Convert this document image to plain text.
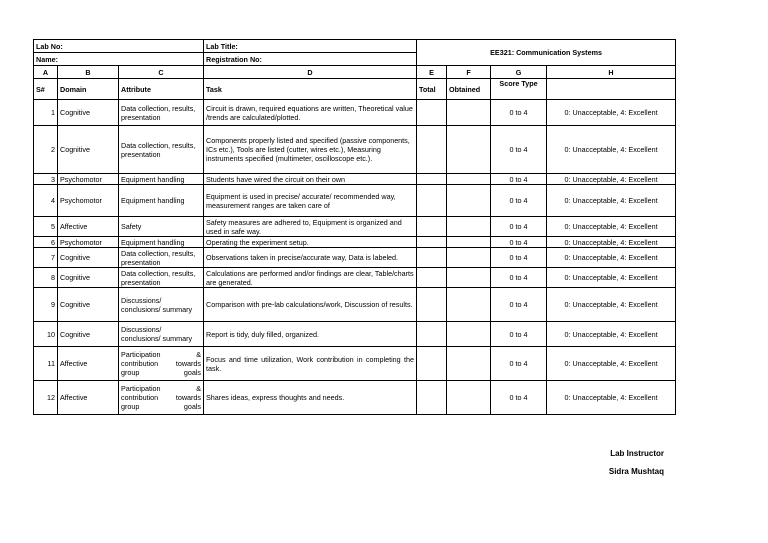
Lab No:			Lab Title:	EE321: Communication Systems			
Name:			Registration No:				
A	B	C	D	E	F	G	H
S#	Domain	Attribute	Task	Total	Obtained	Score Type	
1	Cognitive	Data collection, results, presentation	Circuit is drawn, required equations are written, Theoretical value /trends are calculated/plotted.			0 to 4	0: Unacceptable, 4: Excellent
2	Cognitive	Data collection, results, presentation	Components properly listed and specified (passive components, ICs etc.), Tools are listed (cutter, wires etc.), Measuring instruments specified (multimeter, oscilloscope etc.).			0 to 4	0: Unacceptable, 4: Excellent
3	Psychomotor	Equipment handling	Students have wired the circuit on their own			0 to 4	0: Unacceptable, 4: Excellent
4	Psychomotor	Equipment handling	Equipment is used in precise/ accurate/ recommended way, measurement ranges are taken care of			0 to 4	0: Unacceptable, 4: Excellent
5	Affective	Safety	Safety measures are adhered to, Equipment is organized and used in safe way.			0 to 4	0: Unacceptable, 4: Excellent
6	Psychomotor	Equipment handling	Operating the experiment setup.			0 to 4	0: Unacceptable, 4: Excellent
7	Cognitive	Data collection, results, presentation	Observations taken in precise/accurate way, Data is labeled.			0 to 4	0: Unacceptable, 4: Excellent
8	Cognitive	Data collection, results, presentation	Calculations are performed and/or findings are clear, Table/charts are generated.			0 to 4	0: Unacceptable, 4: Excellent
9	Cognitive	Discussions/ conclusions/ summary	Comparison with pre-lab calculations/work, Discussion of results.			0 to 4	0: Unacceptable, 4: Excellent
10	Cognitive	Discussions/ conclusions/ summary	Report is tidy, duly filled, organized.			0 to 4	0: Unacceptable, 4: Excellent
11	Affective	Participation & contribution towards group goals	Focus and time utilization, Work contribution in completing the task.			0 to 4	0: Unacceptable, 4: Excellent
12	Affective	Participation & contribution towards group goals	Shares ideas, express thoughts and needs.			0 to 4	0: Unacceptable, 4: Excellent
Lab Instructor
Sidra Mushtaq
